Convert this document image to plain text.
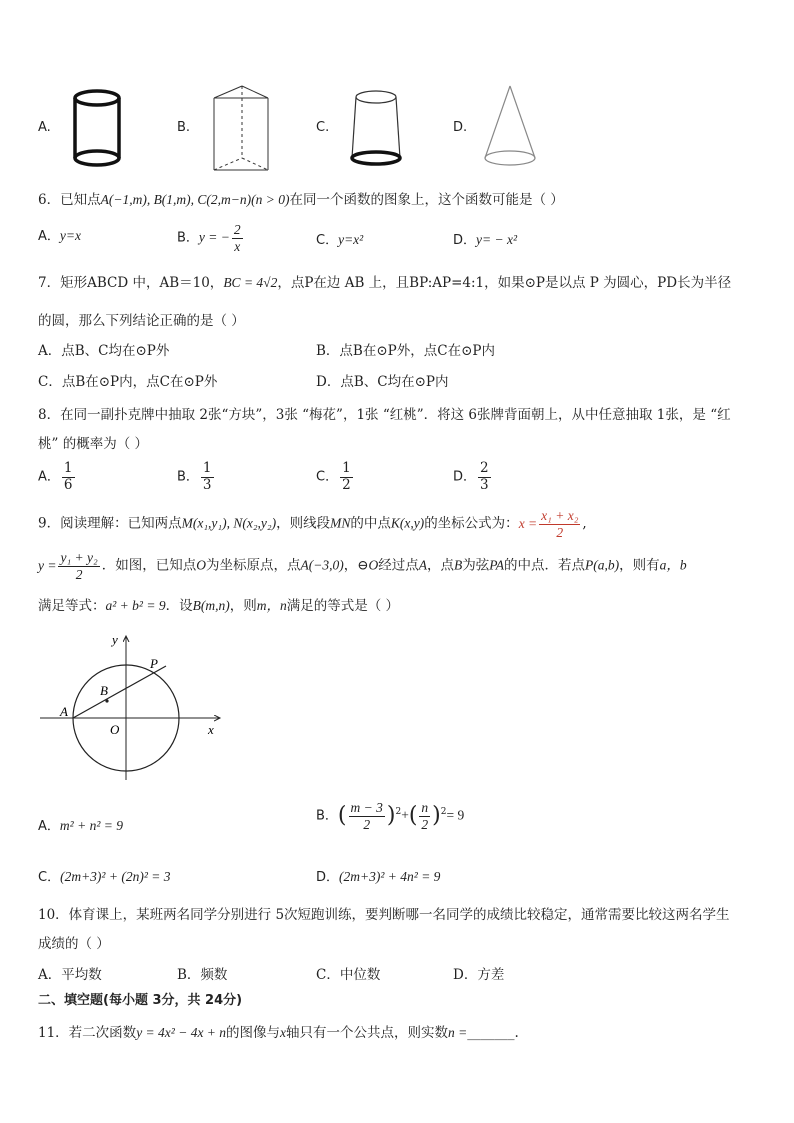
A.	B.	C.	D.
6．已知点A(−1,m), B(1,m), C(2,m−n)(n > 0)在同一个函数的图象上，这个函数可能是（ ）
A．y=x	B．y = − $\frac{2}{x}$	C．y=x²	D．y= − x²
7．矩形ABCD 中，AB＝10，BC = 4√2，点P在边 AB 上，且BP:AP=4:1，如果⊙P是以点 P 为圆心，PD长为半径
的圆，那么下列结论正确的是（ ）
A．点B、C均在⊙P外	B．点B在⊙P外，点C在⊙P内
C．点B在⊙P内，点C在⊙P外	D．点B、C均在⊙P内
8．在同一副扑克牌中抽取 2张“方块”，3张 “梅花”，1张 “红桃”．将这 6张牌背面朝上，从中任意抽取 1张，是 “红
桃” 的概率为（ ）
A． $\frac{1}{6}$	B． $\frac{1}{3}$	C． $\frac{1}{2}$	D． $\frac{2}{3}$
9．阅读理解：已知两点M(x₁,y₁), N(x₂,y₂)，则线段MN的中点K(x,y)的坐标公式为：$x = \frac{\text{x₁ + x₂}}{2}$ ,
$y = \frac{\text{y₁ + y₂}}{2}$ ．如图，已知点O为坐标原点，点A(−3,0)，⊖O经过点A，点B为弦PA的中点．若点P(a,b)，则有a，b
满足等式：a² + b² = 9．设B(m,n)，则m，n满足的等式是（ ）
y
x
P
B
A
O
A．m² + n² = 9
B．( $\frac{m - 3}{2} )^2+( \frac{n}{2} )^2= 9$
C．(2m+3)² + (2n)² = 3	D．(2m+3)² + 4n² = 9
10．体育课上，某班两名同学分别进行 5次短跑训练，要判断哪一名同学的成绩比较稳定，通常需要比较这两名学生
成绩的（ ）
A．平均数	B．频数	C．中位数	D．方差
二、填空题(每小题 3分，共 24分)
11．若二次函数y = 4x² − 4x + n的图像与x轴只有一个公共点，则实数n =_______.
